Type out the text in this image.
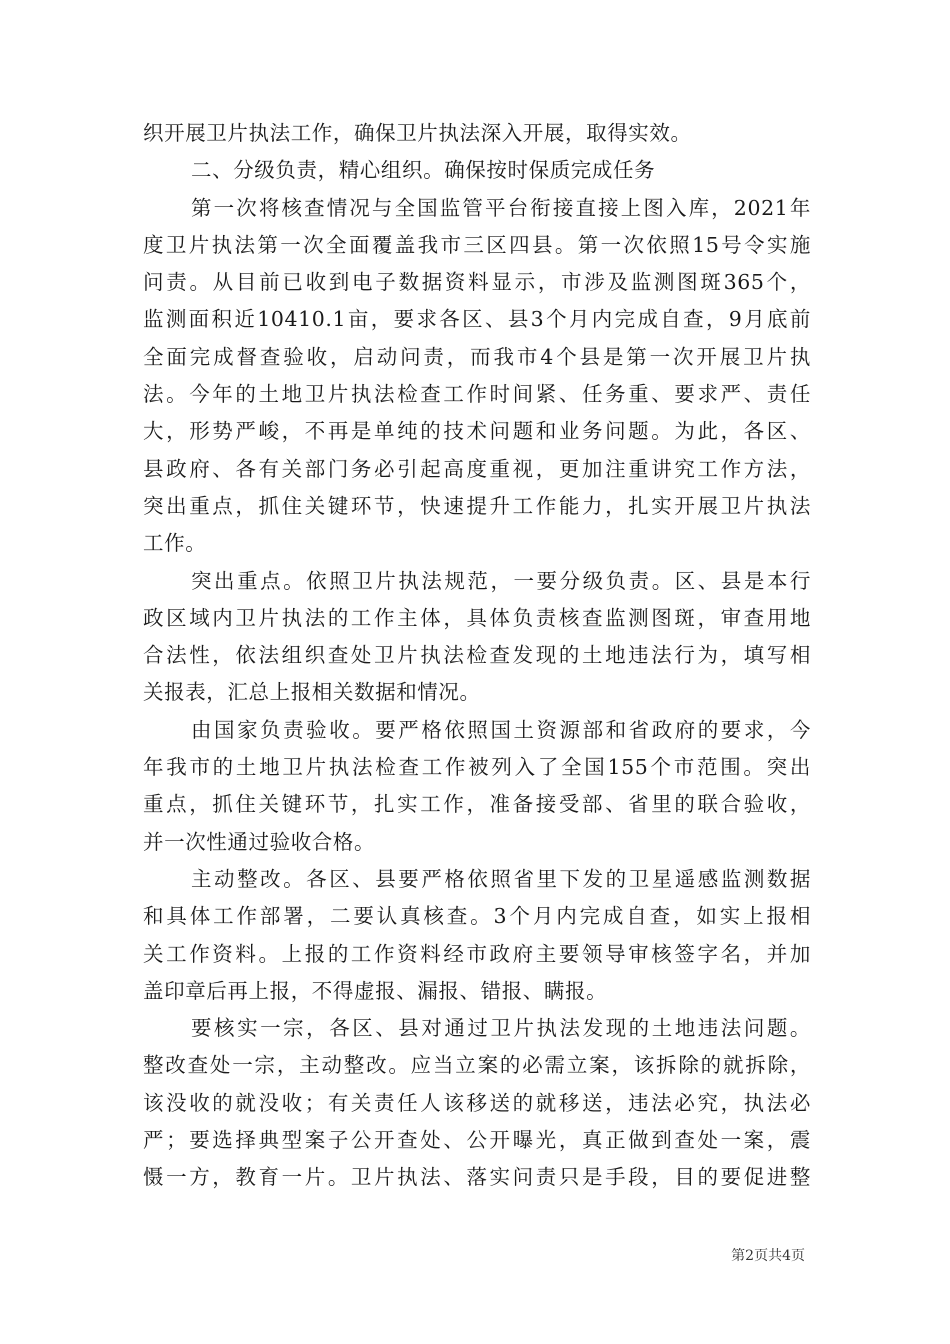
织开展卫片执法工作，确保卫片执法深入开展，取得实效。
二、分级负责，精心组织。确保按时保质完成任务
第一次将核查情况与全国监管平台衔接直接上图入库，2021年
度卫片执法第一次全面覆盖我市三区四县。第一次依照15号令实施
问责。从目前已收到电子数据资料显示，市涉及监测图斑365个，
监测面积近10410.1亩，要求各区、县3个月内完成自查，9月底前
全面完成督查验收，启动问责，而我市4个县是第一次开展卫片执
法。今年的土地卫片执法检查工作时间紧、任务重、要求严、责任
大，形势严峻，不再是单纯的技术问题和业务问题。为此，各区、
县政府、各有关部门务必引起高度重视，更加注重讲究工作方法，
突出重点，抓住关键环节，快速提升工作能力，扎实开展卫片执法
工作。
突出重点。依照卫片执法规范，一要分级负责。区、县是本行
政区域内卫片执法的工作主体，具体负责核查监测图斑，审查用地
合法性，依法组织查处卫片执法检查发现的土地违法行为，填写相
关报表，汇总上报相关数据和情况。
由国家负责验收。要严格依照国土资源部和省政府的要求，今
年我市的土地卫片执法检查工作被列入了全国155个市范围。突出
重点，抓住关键环节，扎实工作，准备接受部、省里的联合验收，
并一次性通过验收合格。
主动整改。各区、县要严格依照省里下发的卫星遥感监测数据
和具体工作部署，二要认真核查。3个月内完成自查，如实上报相
关工作资料。上报的工作资料经市政府主要领导审核签字名，并加
盖印章后再上报，不得虚报、漏报、错报、瞒报。
要核实一宗，各区、县对通过卫片执法发现的土地违法问题。
整改查处一宗，主动整改。应当立案的必需立案，该拆除的就拆除，
该没收的就没收；有关责任人该移送的就移送，违法必究，执法必
严；要选择典型案子公开查处、公开曝光，真正做到查处一案，震
慑一方，教育一片。卫片执法、落实问责只是手段，目的要促进整
第2页共4页
